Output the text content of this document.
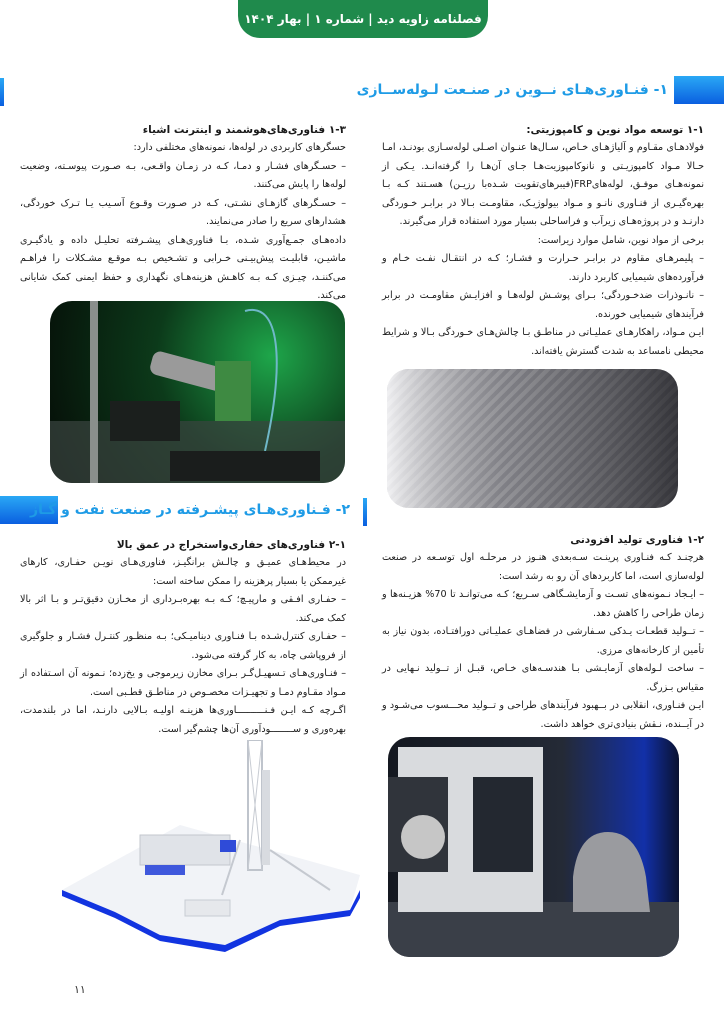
فصلنامه زاویه دید | شماره ۱ | بهار ۱۴۰۴
۱- فنـاوری‌هـای نــوین در صنـعت لـوله‌ســازی
۱-۱ توسعه مواد نوین و کامپوزیتی:

فولادهـای مقـاوم و آلیاژهـای خـاص، سـال‌ها عنـوان اصـلی لوله‌سـازی بودنـد، امـا حـالا مـواد کامپوزیـتی و نانوکامپوزیت‌هـا جـای آن‌هـا را گرفته‌انـد. یـکی از نمونه‌هـای موفـق، لوله‌هایFRP(فیبرهای‌تقویت شـده‌با رزیـن) هسـتند کـه بـا بهره‌گیـری از فنـاوری نانـو و مـواد بیولوژیـک، مقاومـت بـالا در برابـر خـوردگی دارنـد و در پروژه‌هـای زیرآب و فراساحلی بسیار مورد استفاده قرار می‌گیرند.

برخی از مواد نوین، شامل موارد زیراست:

– پلیمرهـای مقاوم در برابـر حـرارت و فشـار؛ کـه در انتقـال نفـت خـام و فرآورده‌های شیمیایی کاربرد دارند.

– نانـوذرات ضدخـوردگی؛ بـرای پوشـش لوله‌هـا و افزایـش مقاومـت در برابر فرآیندهای شیمیایی خورنده.

ایـن مـواد، راهکارهـای عملیـاتی در مناطـق بـا چالش‌هـای خـوردگی بـالا و شرایط محیطی نامساعد به شدت گسترش یافته‌اند.

۱-۳ فناوری‌های‌هوشمند و اینترنت اشیاء

حسگرهای کاربردی در لوله‌ها، نمونه‌های مختلفی دارد:

– حسـگرهای فشـار و دمـا، کـه در زمـان واقـعی، بـه صـورت پیوسـته، وضعیت لوله‌ها را پایش می‌کنند.

– حسـگرهای گازهـای نشـتی، کـه در صـورت وقـوع آسـیب یـا تـرک خوردگی، هشدارهای سریع را صادر می‌نمایند.

داده‌هـای جمـع‌آوری شـده، بـا فناوری‌هـای پیشـرفته تحلیـل داده و یادگیـری ماشیـن، قابلیـت پیش‌بیـنی خـرابی و تشـخیص بـه موقـع مشـکلات را فراهـم می‌کننـد، چیـزی کـه بـه کاهـش هزینه‌هـای نگهداری و حفظ ایمنی کمک شایانی می‌کند.

۱-۲ فناوری تولید افزودنی

هرچنـد کـه فنـاوری پرینـت سـه‌بعدی هنـوز در مرحلـه اول توسـعه در صنعت لوله‌سازی است، اما کاربردهای آن رو به رشد است:

– ایـجاد نـمونه‌های تسـت و آزمایشـگاهی سـریع؛ کـه می‌توانـد تا 70% هزیـنه‌ها و زمان طراحی را کاهش دهد.

– تــولید قطعـات یـدکی سـفارشی در فضاهـای عملیـاتی دورافتـاده، بدون نیاز به تأمین از کارخانه‌های مرزی.

– ساخت لـوله‌های آزمایـشی بـا هندسـه‌های خـاص، قبـل از تــولید نـهایی در مقیاس بـزرگ.

ایـن فنـاوری، انقلابی در بــهبود فرآیندهای طراحی و تــولید محـــسوب می‌شـود و در آیــنده، نـقش بنیادی‌تری خواهد داشت.

۲- فـناوری‌هـای پیشـرفته در صنعت نفت و گـاز
۲-۱ فناوری‌های حفاری‌واستخراج در عمق بالا

در محیط‌هـای عمیـق و چالـش برانگیـز، فناوری‌هـای نویـن حفـاری، کارهای غیرممکن یا بسیار پرهزینه را ممکن ساخته است:

– حفـاری افـقی و مارپیـچ؛ کـه بـه بهره‌بـرداری از مخـازن دقیق‌تـر و بـا اثر بالا کمک می‌کند.

– حفـاری کنترل‌شـده بـا فنـاوری دینامیـکی؛ بـه منظـور کنتـرل فشـار و جلوگیری از فروپاشی چاه، به کار گرفته می‌شود.

– فنـاوری‌هـای تـسهیـل‌گـر بـرای مخازن زیرموجی و یخ‌زده؛ نـمونه آن اسـتفاده از مـواد مقـاوم دمـا و تجهیـزات مخصـوص در مناطـق قطـبی است.

اگـرچه کـه ایـن فـنــــــــــاوری‌ها هزینـه اولیـه بـالایی دارنـد، اما در بلندمدت، بهره‌وری و ســــــــودآوری آن‌ها چشم‌گیر است.

۱۱
